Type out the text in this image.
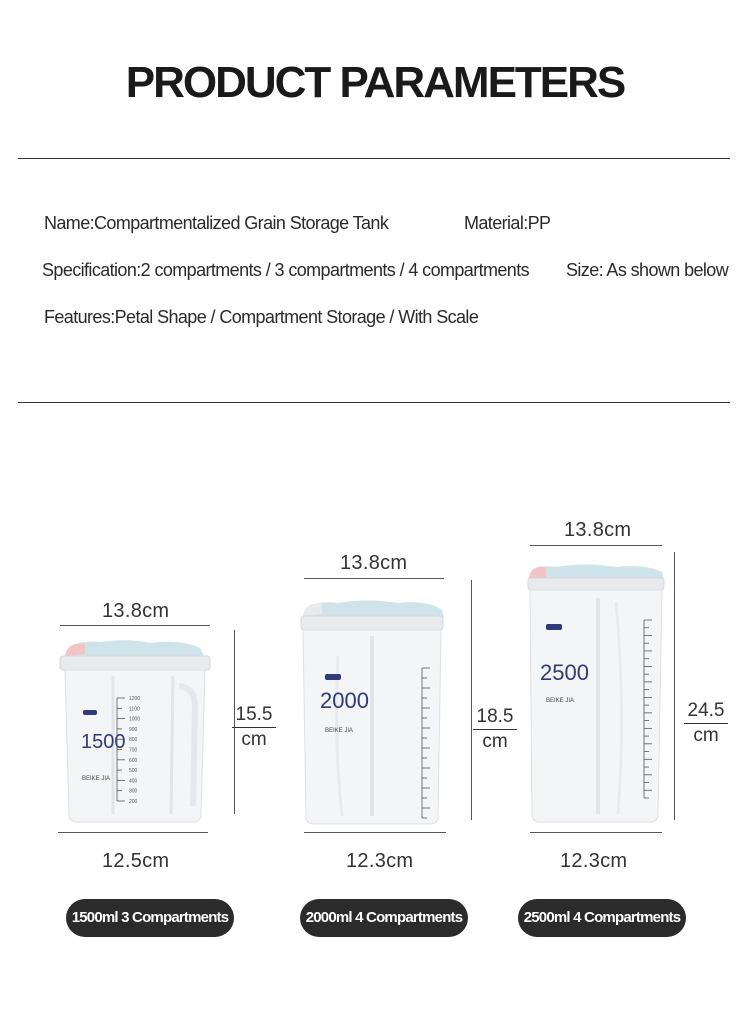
PRODUCT PARAMETERS
Name:Compartmentalized Grain Storage Tank	Material:PP
Specification:2 compartments / 3 compartments / 4 compartments Size: As shown below
Features:Petal Shape / Compartment Storage / With Scale
13.8cm
1500
BEIKE JIA
1200
1100
1000
900
800
700
600
500
400
300
200
$\frac{15.5}{cm}$
12.5cm
1500ml 3 Compartments
13.8cm
2000
BEIKE JIA	$\frac{18.5}{cm}$
12.3cm
2000ml 4 Compartments
13.8cm
2500
BEIKE JIA	$\frac{24.5}{cm}$
12.3cm
2500ml 4 Compartments
